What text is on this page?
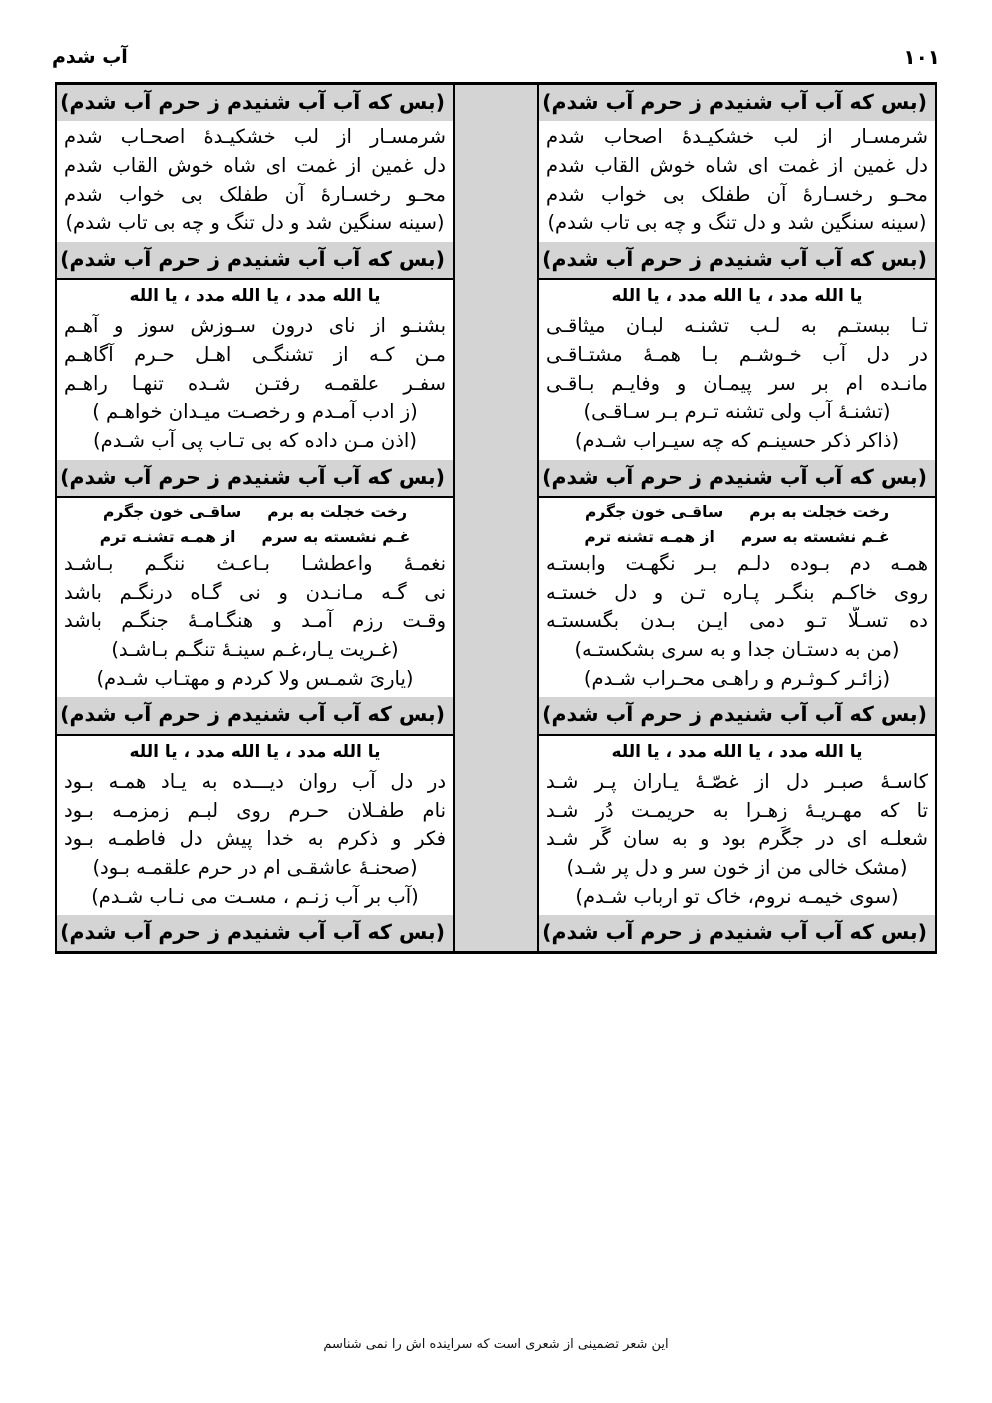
آب شدم	۱۰۱
(بس که آب آب شنیدم ز حرم آب شدم)
شرمسـار از لب خشکیـدهٔ اصحاب شدم
دل غمین از غمت ای شاه خوش القاب شدم
محـو رخسـارهٔ آن طفلک بی خواب شدم
(سینه سنگین شد و دل تنگ و چه بی تاب شدم)
(بس که آب آب شنیدم ز حرم آب شدم)
یا الله مدد ، یا الله مدد ، یا الله
تـا ببستـم به لـب تشنـه لبـان میثاقـی
در دل آب خـوشـم بـا همـهٔ مشتـاقـی
مانـده ام بر سر پیمـان و وفایـم بـاقـی
(تشنـهٔ آب ولی تشنه تـرم بـر سـاقـی)
(ذاکر ذکر حسینـم که چه سیـراب شـدم)
(بس که آب آب شنیدم ز حرم آب شدم)
ساقـی خون جگرم رخت خجلت به برم
از همـه تشنه ترم غـم نشسته به سرم
همـه دم بـوده دلـم بـر نگهـت وابستـه
روی خاکـم بنگـر پـاره تـن و دل خستـه
ده تسـلّا تـو دمی ایـن بـدن بگسستـه
(من به دستـان جدا و به سری بشکستـه)
(زائـر کـوثـرم و راهـی محـراب شـدم)
(بس که آب آب شنیدم ز حرم آب شدم)
یا الله مدد ، یا الله مدد ، یا الله
کاسـهٔ صبـر دل از غصّـهٔ یـاران پـر شـد
تا که مهـریـهٔ زهـرا به حریمـت دُر شـد
شعلـه ای در جگَرم بود و به سان گَر شـد
(مشک خالی من از خون سر و دل پر شـد)
(سوی خیمـه نروم، خاک تو ارباب شـدم)
(بس که آب آب شنیدم ز حرم آب شدم)
(بس که آب آب شنیدم ز حرم آب شدم)
شرمسـار از لب خشکیـدهٔ اصحـاب شدم
دل غمین از غمت ای شاه خوش القاب شدم
محـو رخسـارهٔ آن طفلک بی خواب شدم
(سینه سنگین شد و دل تنگ و چه بی تاب شدم)
(بس که آب آب شنیدم ز حرم آب شدم)
یا الله مدد ، یا الله مدد ، یا الله
بشنـو از نای درون سـوزش سوز و آهـم
مـن کـه از تشنگـی اهـل حـرم آگاهـم
سفـر علقمـه رفتـن شـده تنهـا راهـم
(ز ادب آمـدم و رخصـت میـدان خواهـم )
(اذن مـن داده که بی تـاب پی آب شـدم)
(بس که آب آب شنیدم ز حرم آب شدم)
ساقـی خون جگرم رخت خجلت به برم
از همـه تشنـه ترم غـم نشسته به سرم
نغمـهٔ واعطشـا بـاعـث ننگـم بـاشـد
نی گـه مـانـدن و نی گـاه درنگـم باشد
وقـت رزم آمـد و هنگـامـهٔ جنگـم باشد
(غـریت یـار،غـم سینـهٔ تنگـم بـاشـد)
(یاریَ شمـس ولا کردم و مهتـاب شـدم)
(بس که آب آب شنیدم ز حرم آب شدم)
یا الله مدد ، یا الله مدد ، یا الله
در دل آب روان دیـــده به یـاد همـه بـود
نام طفـلان حـرم روی لبـم زمزمـه بـود
فکر و ذکرم به خدا پیش دل فاطمـه بـود
(صحنـهٔ عاشقـی ام در حرم علقمـه بـود)
(آب بر آب زنـم ، مسـت می نـاب شـدم)
(بس که آب آب شنیدم ز حرم آب شدم)
این شعر تضمینی از شعری است که سراینده اش را نمی شناسم
